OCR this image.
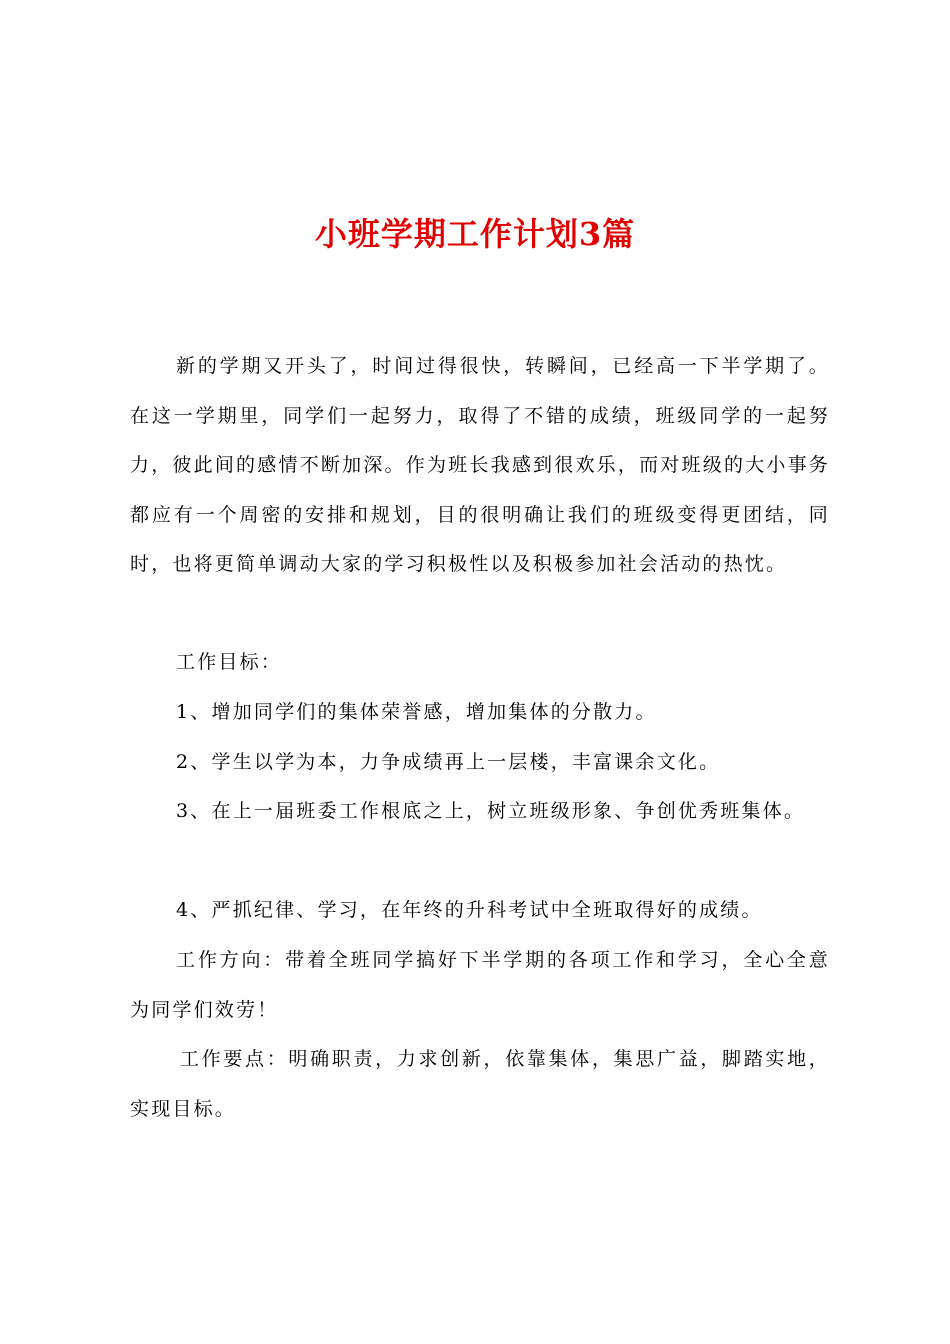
小班学期工作计划3篇

新的学期又开头了，时间过得很快，转瞬间，已经高一下半学期了。在这一学期里，同学们一起努力，取得了不错的成绩，班级同学的一起努力，彼此间的感情不断加深。作为班长我感到很欢乐，而对班级的大小事务都应有一个周密的安排和规划，目的很明确让我们的班级变得更团结，同时，也将更简单调动大家的学习积极性以及积极参加社会活动的热忱。

工作目标：

1、增加同学们的集体荣誉感，增加集体的分散力。

2、学生以学为本，力争成绩再上一层楼，丰富课余文化。

3、在上一届班委工作根底之上，树立班级形象、争创优秀班集体。

4、严抓纪律、学习，在年终的升科考试中全班取得好的成绩。

工作方向：带着全班同学搞好下半学期的各项工作和学习，全心全意为同学们效劳！

工作要点：明确职责，力求创新，依靠集体，集思广益，脚踏实地，实现目标。
